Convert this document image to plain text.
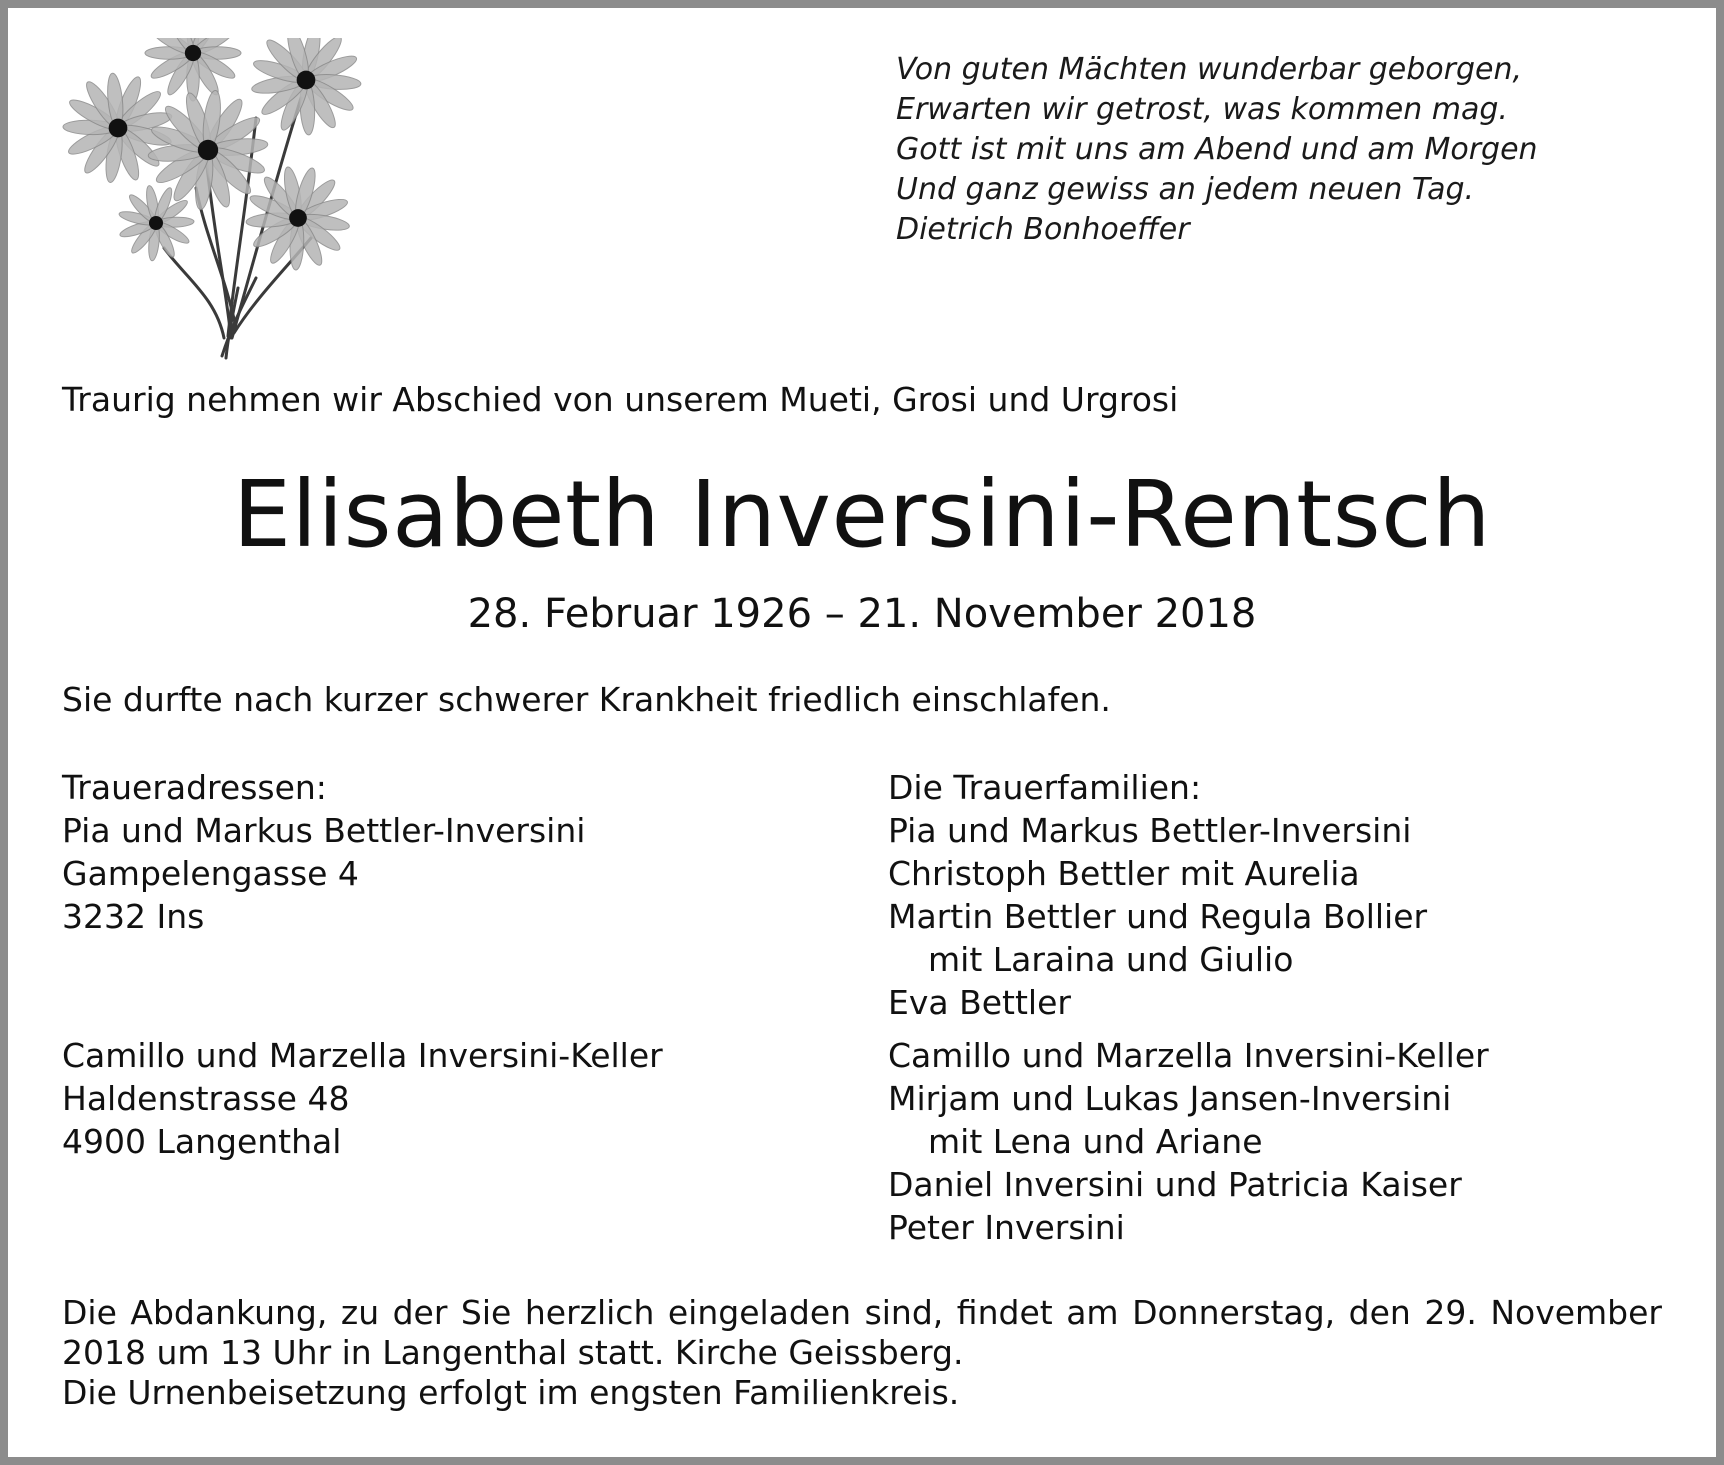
Von guten Mächten wunderbar geborgen,
Erwarten wir getrost, was kommen mag.
Gott ist mit uns am Abend und am Morgen
Und ganz gewiss an jedem neuen Tag.
Dietrich Bonhoeffer
Traurig nehmen wir Abschied von unserem Mueti, Grosi und Urgrosi
Elisabeth Inversini-Rentsch
28. Februar 1926 – 21. November 2018
Sie durfte nach kurzer schwerer Krankheit friedlich einschlafen.
Traueradressen:
Pia und Markus Bettler-Inversini
Gampelengasse 4
3232 Ins
Camillo und Marzella Inversini-Keller
Haldenstrasse 48
4900 Langenthal
Die Trauerfamilien:
Pia und Markus Bettler-Inversini
Christoph Bettler mit Aurelia
Martin Bettler und Regula Bollier
mit Laraina und Giulio
Eva Bettler
Camillo und Marzella Inversini-Keller
Mirjam und Lukas Jansen-Inversini
mit Lena und Ariane
Daniel Inversini und Patricia Kaiser
Peter Inversini
Die Abdankung, zu der Sie herzlich eingeladen sind, findet am Donnerstag, den 29. November
2018 um 13 Uhr in Langenthal statt. Kirche Geissberg.
Die Urnenbeisetzung erfolgt im engsten Familienkreis.
